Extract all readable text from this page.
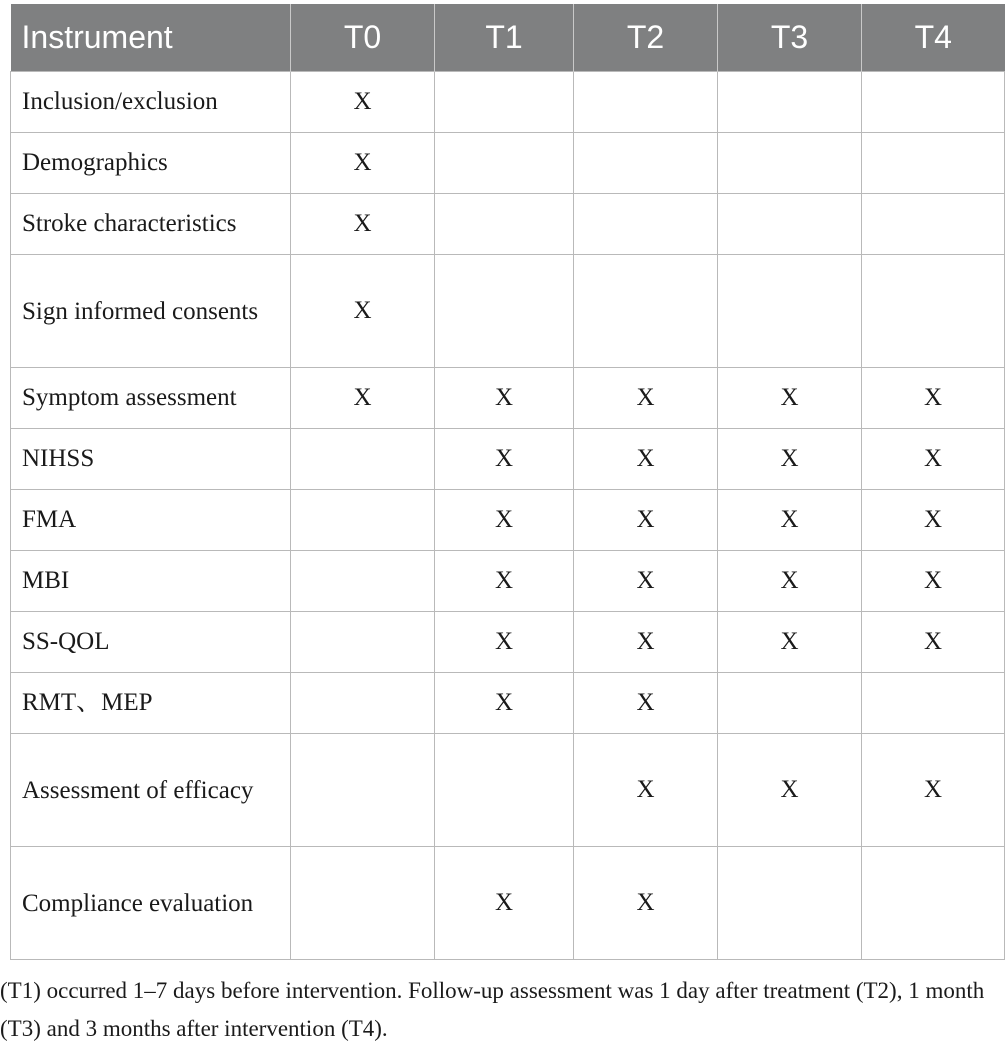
Instrument	T0	T1	T2	T3	T4
Inclusion/exclusion	X				
Demographics	X				
Stroke characteristics	X				
Sign informed consents	X				
Symptom assessment	X	X	X	X	X
NIHSS		X	X	X	X
FMA		X	X	X	X
MBI		X	X	X	X
SS-QOL		X	X	X	X
RMT、MEP		X	X		
Assessment of efficacy			X	X	X
Compliance evaluation		X	X		

(T1) occurred 1–7 days before intervention. Follow-up assessment was 1 day after treatment (T2), 1 month (T3) and 3 months after intervention (T4).
